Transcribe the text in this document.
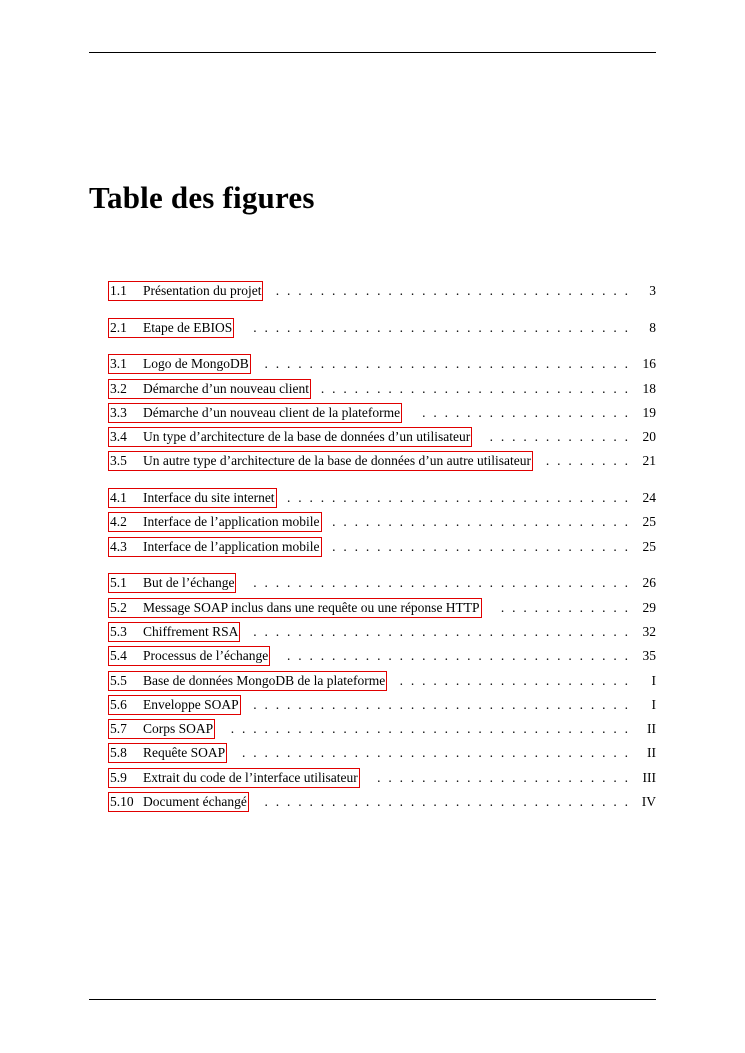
Table des figures
.  .  .  .  .  .  .  .  .  .  .  .  .  .  .  .  .  .  .  .  .  .  .  .  .  .  .  .  .  .  .  .
1.1 Présentation du projet	3
.  .  .  .  .  .  .  .  .  .  .  .  .  .  .  .  .  .  .  .  .  .  .  .  .  .  .  .  .  .  .  .  .  .
2.1 Etape de EBIOS	8
.  .  .  .  .  .  .  .  .  .  .  .  .  .  .  .  .  .  .  .  .  .  .  .  .  .  .  .  .  .  .  .  .
3.1 Logo de MongoDB	16
.  .  .  .  .  .  .  .  .  .  .  .  .  .  .  .  .  .  .  .  .  .  .  .  .  .  .  .
3.2 Démarche d’un nouveau client	18
.  .  .  .  .  .  .  .  .  .  .  .  .  .  .  .  .  .  .
3.3 Démarche d’un nouveau client de la plateforme	19
.  .  .  .  .  .  .  .  .  .  .  .  .
3.4 Un type d’architecture de la base de données d’un utilisateur	20
.  .  .  .  .  .  .  .
3.5 Un autre type d’architecture de la base de données d’un autre utilisateur	21
.  .  .  .  .  .  .  .  .  .  .  .  .  .  .  .  .  .  .  .  .  .  .  .  .  .  .  .  .  .  .
4.1 Interface du site internet	24
.  .  .  .  .  .  .  .  .  .  .  .  .  .  .  .  .  .  .  .  .  .  .  .  .  .  .
4.2 Interface de l’application mobile	25
.  .  .  .  .  .  .  .  .  .  .  .  .  .  .  .  .  .  .  .  .  .  .  .  .  .  .
4.3 Interface de l’application mobile	25
.  .  .  .  .  .  .  .  .  .  .  .  .  .  .  .  .  .  .  .  .  .  .  .  .  .  .  .  .  .  .  .  .  .
5.1 But de l’échange	26
.  .  .  .  .  .  .  .  .  .  .  .
5.2 Message SOAP inclus dans une requête ou une réponse HTTP	29
.  .  .  .  .  .  .  .  .  .  .  .  .  .  .  .  .  .  .  .  .  .  .  .  .  .  .  .  .  .  .  .  .  .
5.3 Chiffrement RSA	32
.  .  .  .  .  .  .  .  .  .  .  .  .  .  .  .  .  .  .  .  .  .  .  .  .  .  .  .  .  .  .
5.4 Processus de l’échange	35
.  .  .  .  .  .  .  .  .  .  .  .  .  .  .  .  .  .  .  .  .
5.5 Base de données MongoDB de la plateforme	I
.  .  .  .  .  .  .  .  .  .  .  .  .  .  .  .  .  .  .  .  .  .  .  .  .  .  .  .  .  .  .  .  .  .
5.6 Enveloppe SOAP	I
.  .  .  .  .  .  .  .  .  .  .  .  .  .  .  .  .  .  .  .  .  .  .  .  .  .  .  .  .  .  .  .  .  .  .  .
5.7 Corps SOAP	II
.  .  .  .  .  .  .  .  .  .  .  .  .  .  .  .  .  .  .  .  .  .  .  .  .  .  .  .  .  .  .  .  .  .  .
5.8 Requête SOAP	II
.  .  .  .  .  .  .  .  .  .  .  .  .  .  .  .  .  .  .  .  .  .  .
5.9 Extrait du code de l’interface utilisateur	III
.  .  .  .  .  .  .  .  .  .  .  .  .  .  .  .  .  .  .  .  .  .  .  .  .  .  .  .  .  .  .  .  .
5.10 Document échangé	IV
